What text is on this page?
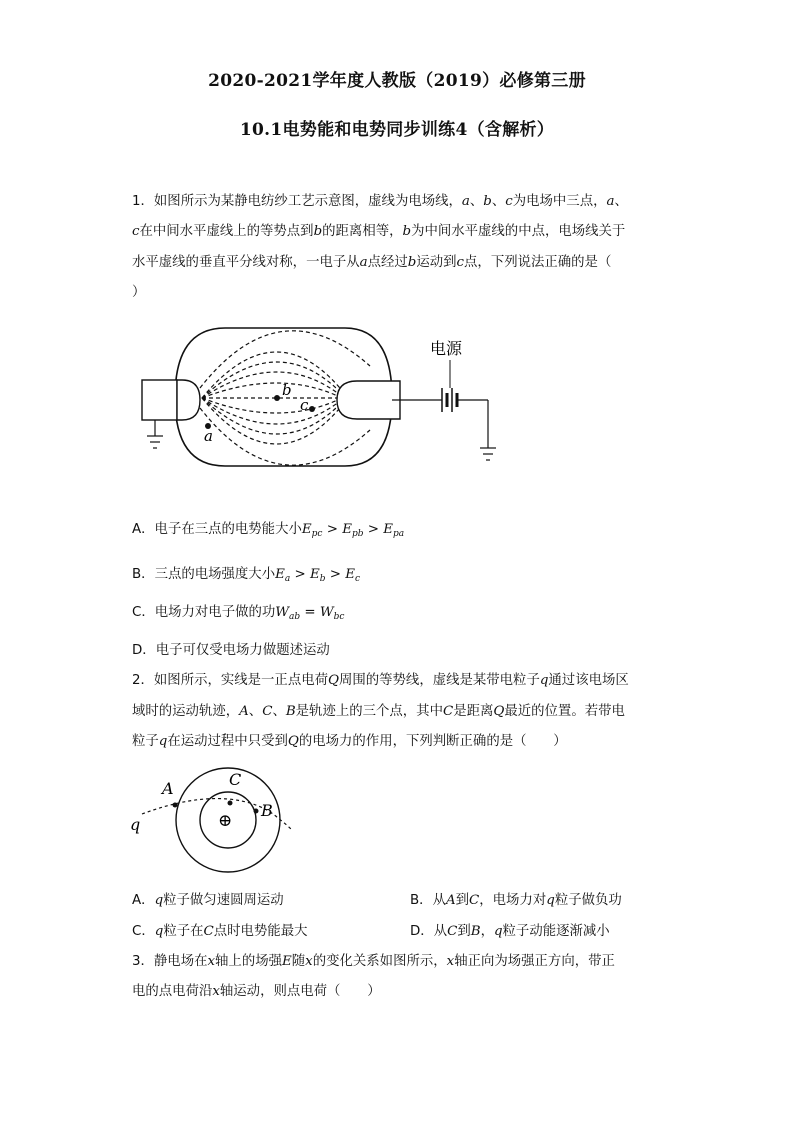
2020-2021学年度人教版（2019）必修第三册
10.1电势能和电势同步训练4（含解析）
1．如图所示为某静电纺纱工艺示意图，虚线为电场线，a、b、c为电场中三点，a、
c在中间水平虚线上的等势点到b的距离相等，b为中间水平虚线的中点，电场线关于
水平虚线的垂直平分线对称，一电子从a点经过b运动到c点，下列说法正确的是（
）
电源
b
c
a
A．电子在三点的电势能大小$E_{pc} > E_{pb} > E_{pa}$
B．三点的电场强度大小$E_a > E_b > E_c$
C．电场力对电子做的功$W_{ab} = W_{bc}$
D．电子可仅受电场力做题述运动
2．如图所示，实线是一正点电荷Q周围的等势线，虚线是某带电粒子q通过该电场区
域时的运动轨迹，A、C、B是轨迹上的三个点，其中C是距离Q最近的位置。若带电
粒子q在运动过程中只受到Q的电场力的作用，下列判断正确的是（　　）
A	C
B
q	⊕
A．q粒子做匀速圆周运动	B．从A到C，电场力对q粒子做负功
C．q粒子在C点时电势能最大	D．从C到B，q粒子动能逐渐减小
3．静电场在x轴上的场强E随x的变化关系如图所示，x轴正向为场强正方向，带正
电的点电荷沿x轴运动，则点电荷（　　）
